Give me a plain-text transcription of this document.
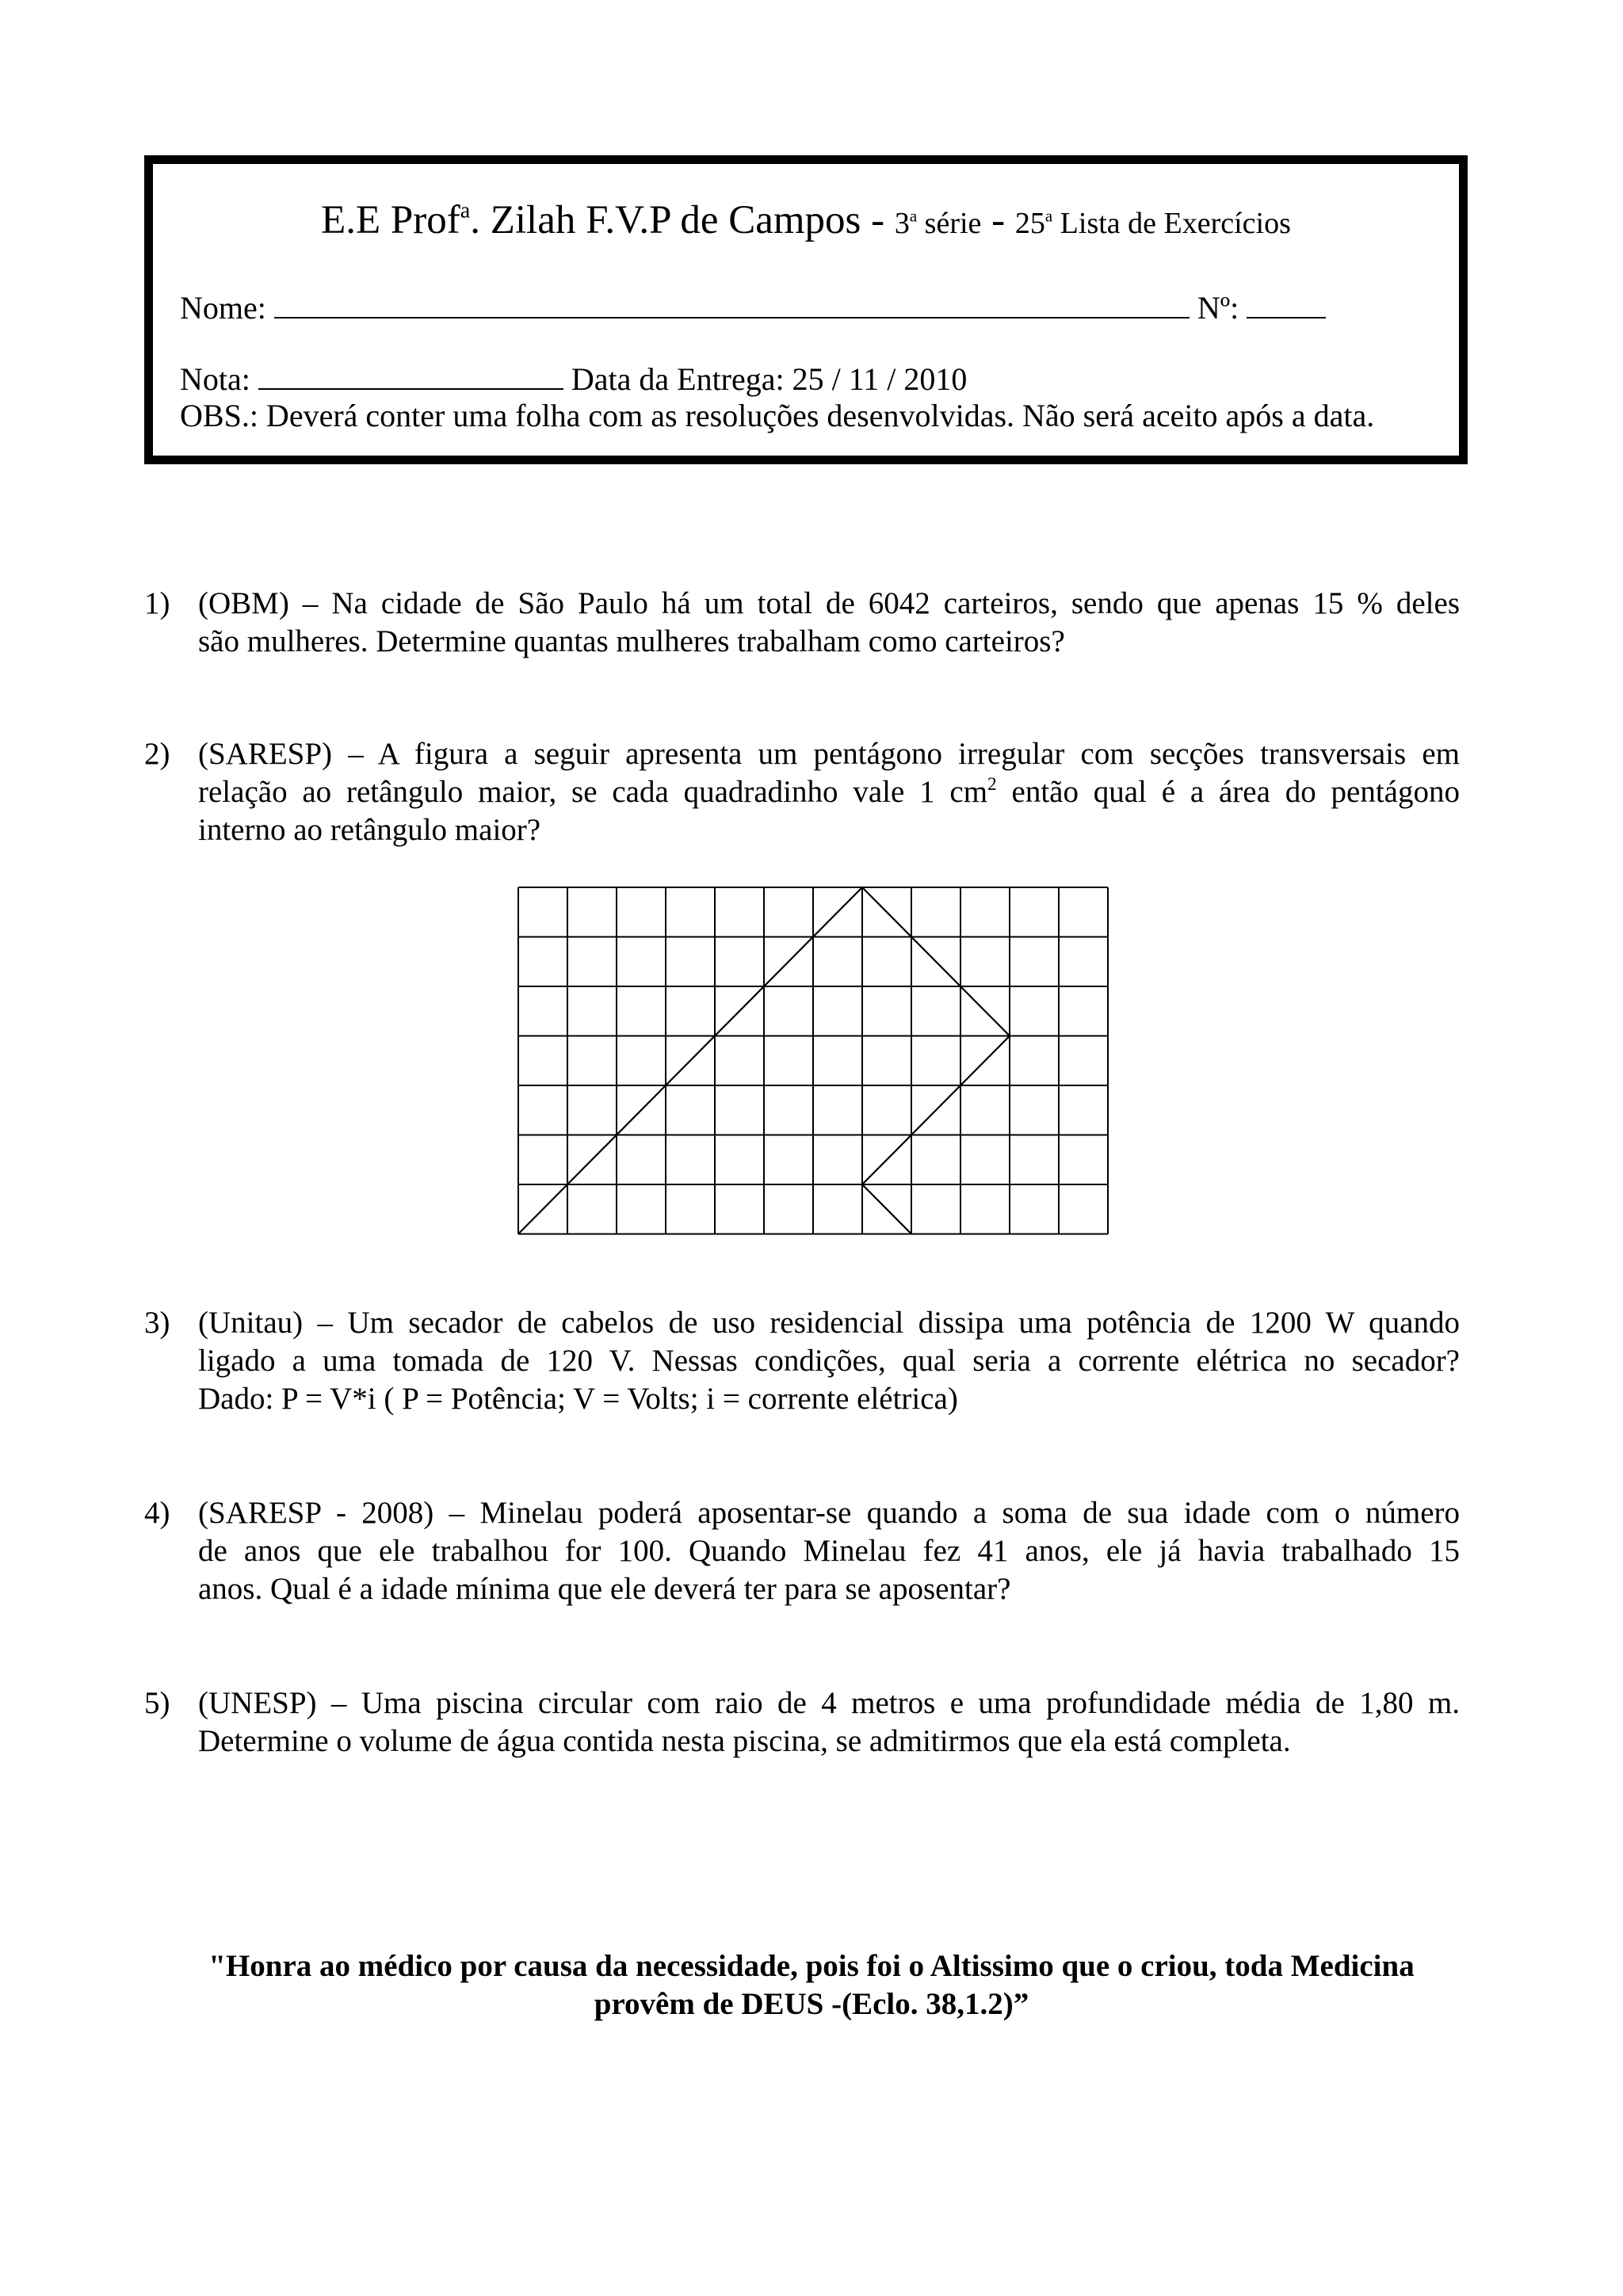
E.E Prof$^a$. Zilah F.V.P de Campos - 3$^a$ série - 25$^a$ Lista de Exercícios
Nome:	Nº:
Nota:	Data da Entrega: 25 / 11 / 2010
OBS.: Deverá conter uma folha com as resoluções desenvolvidas. Não será aceito após a data.
1) (OBM) – Na cidade de São Paulo há um total de 6042 carteiros, sendo que apenas 15 % deles
são mulheres. Determine quantas mulheres trabalham como carteiros?
2) (SARESP) – A figura a seguir apresenta um pentágono irregular com secções transversais em
relação ao retângulo maior, se cada quadradinho vale 1 $cm^2$ então qual é a área do pentágono
interno ao retângulo maior?
3) (Unitau) – Um secador de cabelos de uso residencial dissipa uma potência de 1200 W quando
ligado a uma tomada de 120 V. Nessas condições, qual seria a corrente elétrica no secador?
Dado: P = V*i ( P = Potência; V = Volts; i = corrente elétrica)
4) (SARESP - 2008) – Minelau poderá aposentar-se quando a soma de sua idade com o número
de anos que ele trabalhou for 100. Quando Minelau fez 41 anos, ele já havia trabalhado 15
anos. Qual é a idade mínima que ele deverá ter para se aposentar?
5) (UNESP) – Uma piscina circular com raio de 4 metros e uma profundidade média de 1,80 m.
Determine o volume de água contida nesta piscina, se admitirmos que ela está completa.
"Honra ao médico por causa da necessidade, pois foi o Altissimo que o criou, toda Medicina
provêm de DEUS -(Eclo. 38,1.2)”
